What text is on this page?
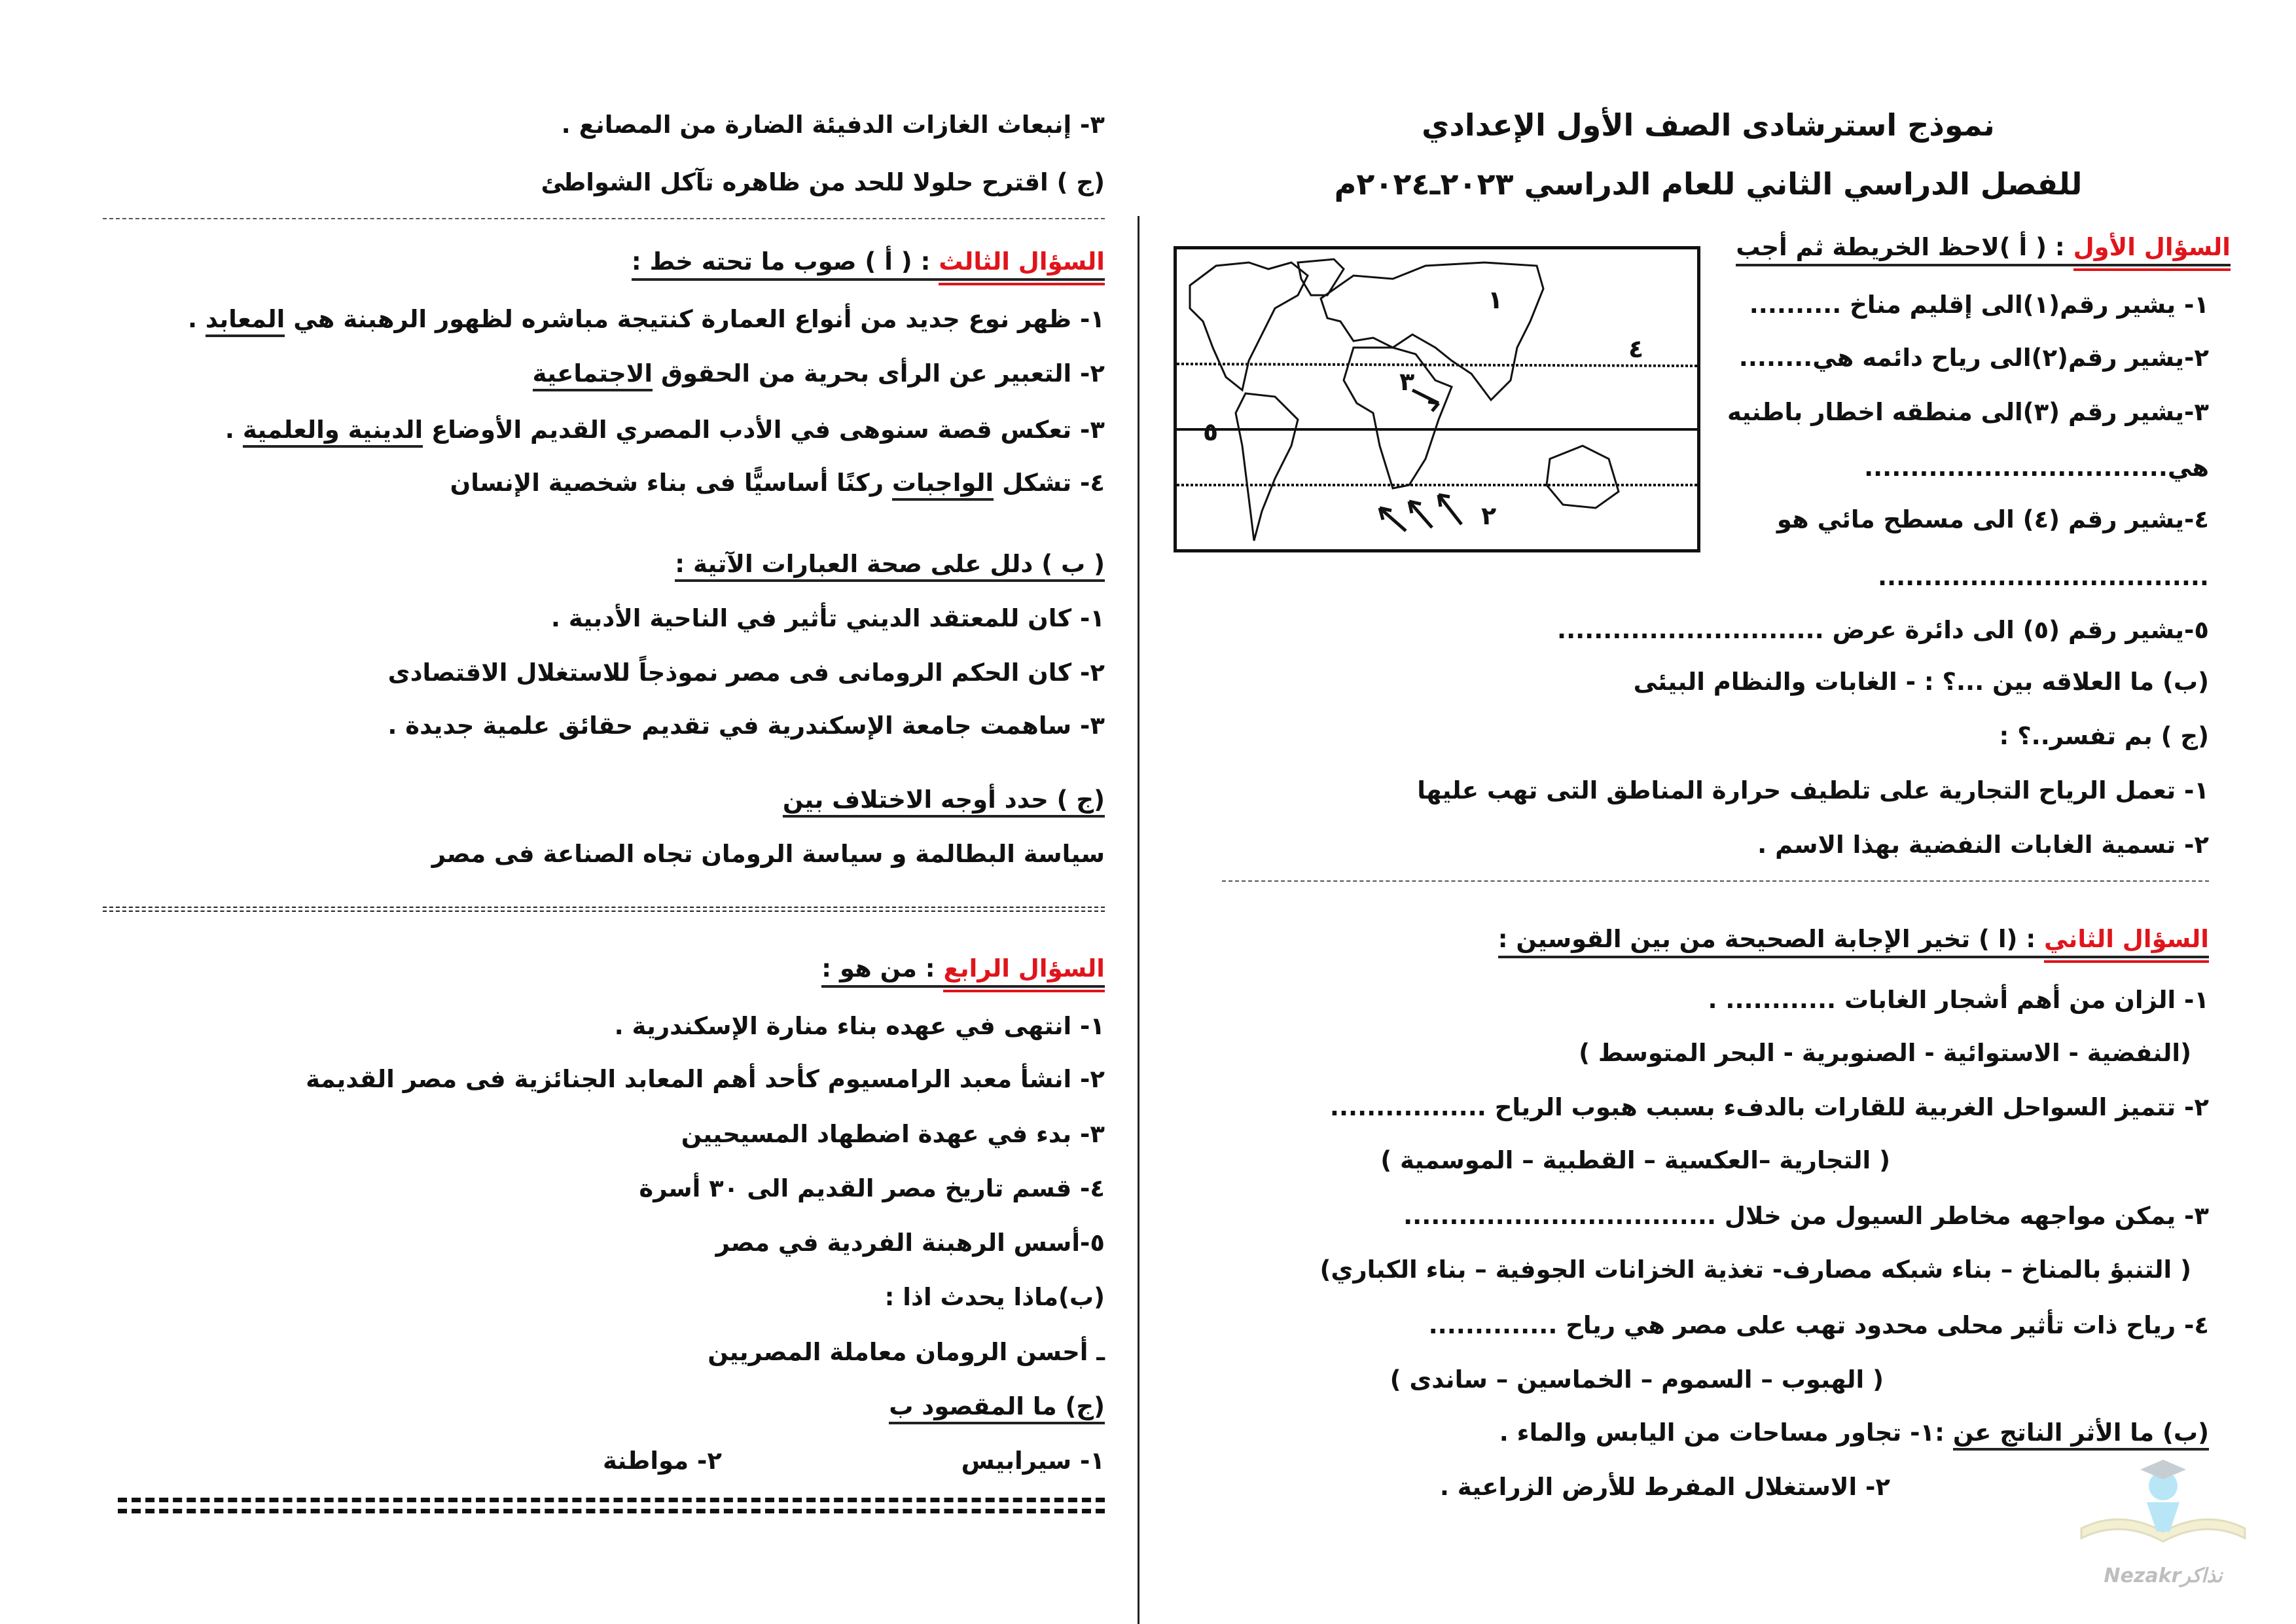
نموذج استرشادى الصف الأول الإعدادي
للفصل الدراسي الثاني للعام الدراسي ٢٠٢٣ـ٢٠٢٤م
السؤال الأول : ( أ )لاحظ الخريطة ثم أجب
١
٢
٣
٤
٥
١- يشير رقم(١)الى إقليم مناخ ..........
٢-يشير رقم(٢)الى رياح دائمه هي........
٣-يشير رقم (٣)الى منطقه اخطار باطنيه
هي.................................
٤-يشير رقم (٤) الى مسطح مائي هو
....................................
٥-يشير رقم (٥) الى دائرة عرض .............................
(ب) ما العلاقه بين ...؟ : - الغابات والنظام البيئى
(ج ) بم تفسر..؟ :
١- تعمل الرياح التجارية على تلطيف حرارة المناطق التى تهب عليها
٢- تسمية الغابات النفضية بهذا الاسم .
السؤال الثاني : (ا ) تخير الإجابة الصحيحة من بين القوسين :
١- الزان من أهم أشجار الغابات ............ .
(النفضية - الاستوائية - الصنوبرية - البحر المتوسط )
٢- تتميز السواحل الغربية للقارات بالدفء بسبب هبوب الرياح .................
( التجارية –العكسية – القطبية – الموسمية )
٣- يمكن مواجهه مخاطر السيول من خلال ..................................
( التنبؤ بالمناخ – بناء شبكه مصارف- تغذية الخزانات الجوفية – بناء الكباري)
٤- رياح ذات تأثير محلى محدود تهب على مصر هي رياح ..............
( الهبوب – السموم – الخماسين – ساندى )
(ب) ما الأثر الناتج عن :١- تجاور مساحات من اليابس والماء .
٢- الاستغلال المفرط للأرض الزراعية .
Nezakrنذاكر
٣- إنبعاث الغازات الدفيئة الضارة من المصانع .
(ج ) اقترح حلولا للحد من ظاهره تآكل الشواطئ
السؤال الثالث : ( أ ) صوب ما تحته خط :
١- ظهر نوع جديد من أنواع العمارة كنتيجة مباشره لظهور الرهبنة هي المعابد .
٢- التعبير عن الرأى بحرية من الحقوق الاجتماعية
٣- تعكس قصة سنوهى في الأدب المصري القديم الأوضاع الدينية والعلمية .
٤- تشكل الواجبات ركنًا أساسيًّا فى بناء شخصية الإنسان
( ب ) دلل على صحة العبارات الآتية :
١- كان للمعتقد الديني تأثير في الناحية الأدبية .
٢- كان الحكم الرومانى فى مصر نموذجاً للاستغلال الاقتصادى
٣- ساهمت جامعة الإسكندرية في تقديم حقائق علمية جديدة .
(ج ) حدد أوجه الاختلاف بين
سياسة البطالمة و سياسة الرومان تجاه الصناعة فى مصر
السؤال الرابع : من هو :
١- انتهى في عهده بناء منارة الإسكندرية .
٢- انشأ معبد الرامسيوم كأحد أهم المعابد الجنائزية فى مصر القديمة
٣- بدء في عهدة اضطهاد المسيحيين
٤- قسم تاريخ مصر القديم الى ٣٠ أسرة
٥-أسس الرهبنة الفردية في مصر
(ب)ماذا يحدث اذا :
ـ أحسن الرومان معاملة المصريين
(ج) ما المقصود ب
١- سيرابيس
٢- مواطنة
